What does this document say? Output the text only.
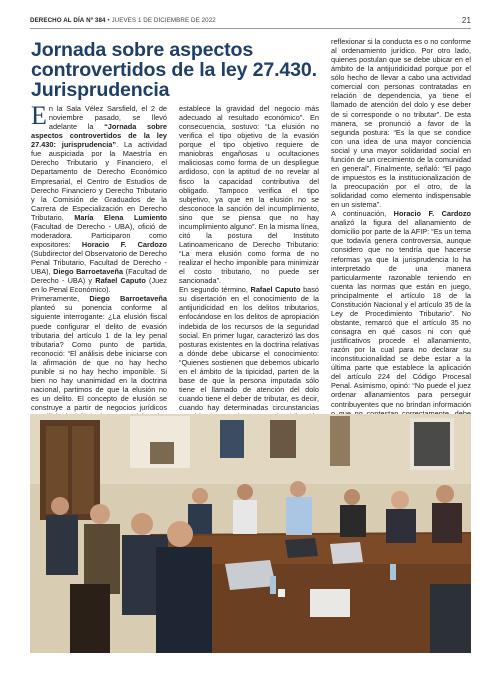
DERECHO AL DÍA Nº 384 • JUEVES 1 DE DICIEMBRE DE 2022	21
Jornada sobre aspectos controvertidos de la ley 27.430. Jurisprudencia

En la Sala Vélez Sarsfield, el 2 de noviembre pasado, se llevó adelante la “Jornada sobre aspectos controvertidos de la ley 27.430: jurisprudencia”. La actividad fue auspiciada por la Maestría en Derecho Tributario y Financiero, el Departamento de Derecho Económico Empresarial, el Centro de Estudios de Derecho Financiero y Derecho Tributario y la Comisión de Graduados de la Carrera de Especialización en Derecho Tributario. María Elena Lumiento (Facultad de Derecho - UBA), ofició de moderadora. Participaron como expositores: Horacio F. Cardozo (Subdirector del Observatorio de Derecho Penal Tributario, Facultad de Derecho - UBA), Diego Barroetaveña (Facultad de Derecho - UBA) y Rafael Caputo (Juez en lo Penal Económico).

Primeramente, Diego Barroetaveña planteó su ponencia conforme al siguiente interrogante: ¿La elusión fiscal puede configurar el delito de evasión tributaria del artículo 1 de la ley penal tributaria? Como punto de partida, reconoció: “El análisis debe iniciarse con la afirmación de que no hay hecho punible si no hay hecho imponible. Si bien no hay unanimidad en la doctrina nacional, partimos de que la elusión no es un delito. El concepto de elusión se construye a partir de negocios jurídicos

establece la gravidad del negocio más adecuado al resultado económico”. En consecuencia, sostuvo: “La elusión no verifica el tipo objetivo de la evasión porque el tipo objetivo requiere de maniobras engañosas u ocultaciones maliciosas como forma de un despliegue ardidoso, con la aptitud de no revelar al fisco la capacidad contributiva del obligado. Tampoco verifica el tipo subjetivo, ya que en la elusión no se desconoce la sanción del incumplimiento, sino que se piensa que no hay incumplimiento alguno”. En la misma línea, citó la postura del Instituto Latinoamericano de Derecho Tributario: “La mera elusión como forma de no realizar el hecho imponible para minimizar el costo tributario, no puede ser sancionada”.

En segundo término, Rafael Caputo basó su disertación en el conocimiento de la antijuridicidad en los delitos tributarios, enfocándose en los delitos de apropiación indebida de los recursos de la seguridad social. En primer lugar, caracterizó las dos posturas existentes en la doctrina relativas a dónde debe ubicarse el conocimiento: “Quienes sostienen que debemos ubicarlo en el ámbito de la tipicidad, parten de la base de que la persona imputada sólo tiene el llamado de atención del dolo cuando tiene el deber de tributar, es decir, cuando hay determinadas circunstancias

reflexionar si la conducta es o no conforme al ordenamiento jurídico. Por otro lado, quienes postulan que se debe ubicar en el ámbito de la antijuridicidad porque por el sólo hecho de llevar a cabo una actividad comercial con personas contratadas en relación de dependencia, ya tiene el llamado de atención del dolo y ese deber de si corresponde o no tributar”. De esta manera, se pronunció a favor de la segunda postura: “Es la que se condice con una idea de una mayor conciencia social y una mayor solidaridad social en función de un crecimiento de la comunidad en general”. Finalmente, señaló: “El pago de impuestos es la institucionalización de la preocupación por el otro, de la solidaridad como elemento indispensable en un sistema”.

A continuación, Horacio F. Cardozo analizó la figura del allanamiento de domicilio por parte de la AFIP: “Es un tema que todavía genera controversia, aunque considero que no tendría que hacerse reformas ya que la jurisprudencia lo ha interpretado de una manera particularmente razonable teniendo en cuenta las normas que están en juego, principalmente el artículo 18 de la Constitución Nacional y el artículo 35 de la Ley de Procedimiento Tributario”. No obstante, remarcó que el artículo 35 no consagra en qué casos ni con qué justificativos procede el allanamiento, razón por la cual para no declarar su inconstitucionalidad se debe estar a la última parte que establece la aplicación del artículo 224 del Código Procesal Penal. Asimismo, opinó: “No puede el juez ordenar allanamientos para perseguir contribuyentes que no brindan información
